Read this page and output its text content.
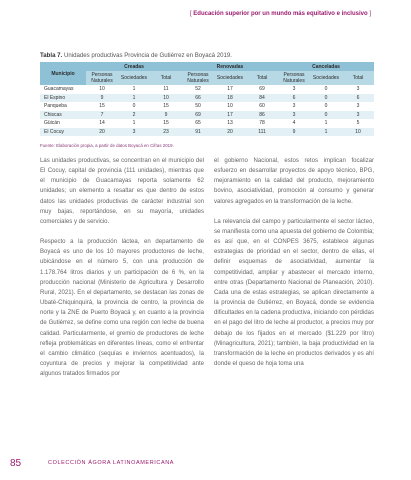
[ Educación superior por un mundo más equitativo e inclusivo ]
Tabla 7. Unidades productivas Provincia de Gutiérrez en Boyacá 2019.
Municipio	Creadas			Renovadas			Canceladas		
	Personas Naturales	Sociedades	Total	Personas Naturales	Sociedades	Total	Personas Naturales	Sociedades	Total
Guacamayas	10	1	11	52	17	69	3	0	3
El Espino	9	1	10	66	18	84	6	0	6
Panqueba	15	0	15	50	10	60	3	0	3
Chiscas	7	2	9	69	17	86	3	0	3
Güicán	14	1	15	65	13	78	4	1	5
El Cocuy	20	3	23	91	20	111	9	1	10
Fuente: Elaboración propia, a partir de datos Boyacá en Cifras 2019.

Las unidades productivas, se concentran en el municipio del El Cocuy, capital de provincia (111 unidades), mientras que el municipio de Guacamayas reporta solamente 62 unidades; un elemento a resaltar es que dentro de estos datos las unidades productivas de carácter industrial son muy bajas, reportándose, en su mayoría, unidades comerciales y de servicio.

Respecto a la producción láctea, en departamento de Boyacá es uno de los 10 mayores productores de leche, ubicándose en el número 5, con una producción de 1.178.764 litros diarios y un participación de 6 %, en la producción nacional (Ministerio de Agricultura y Desarrollo Rural, 2021). En el departamento, se destacan las zonas de Ubaté-Chiquinquirá, la provincia de centro, la provincia de norte y la ZNE de Puerto Boyacá y, en cuanto a la provincia de Gutiérrez, se define como una región con leche de buena calidad. Particularmente, el gremio de productores de leche refleja problemáticas en diferentes líneas, como el enfrentar el cambio climático (sequías e inviernos acentuados), la coyuntura de precios y mejorar la competitividad ante algunos tratados firmados por

el gobierno Nacional, estos retos implican focalizar esfuerzo en desarrollar proyectos de apoyo técnico, BPG, mejoramiento en la calidad del producto, mejoramiento bovino, asociatividad, promoción al consumo y generar valores agregados en la transformación de la leche.

La relevancia del campo y particularmente el sector lácteo, se manifiesta como una apuesta del gobierno de Colombia; es así que, en el CONPES 3675, establece algunas estrategias de prioridad en el sector, dentro de ellas, el definir esquemas de asociatividad, aumentar la competitividad, ampliar y abastecer el mercado interno, entre otras (Departamento Nacional de Planeación, 2010). Cada una de estas estrategias, se aplican directamente a la provincia de Gutiérrez, en Boyacá, donde se evidencia dificultades en la cadena productiva, iniciando con pérdidas en el pago del litro de leche al productor, a precios muy por debajo de los fijados en el mercado ($1.229 por litro) (Minagricultura, 2021); también, la baja productividad en la transformación de la leche en productos derivados y es ahí donde el queso de hoja toma una

85	COLECCIÓN ÁGORA LATINOAMERICANA
